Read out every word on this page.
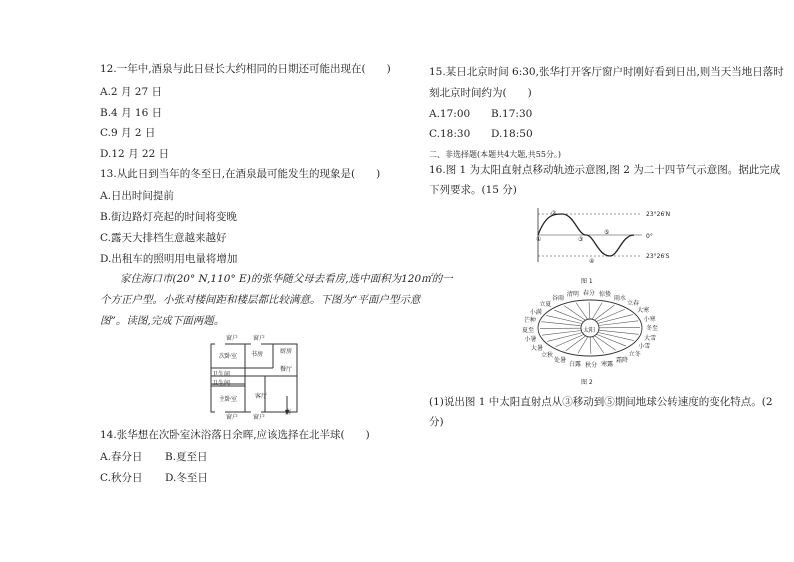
12.一年中,酒泉与此日昼长大约相同的日期还可能出现在(　　)
A.2 月 27 日
B.4 月 16 日
C.9 月 2 日
D.12 月 22 日
13.从此日到当年的冬至日,在酒泉最可能发生的现象是(　　)
A.日出时间提前
B.街边路灯亮起的时间将变晚
C.露天大排档生意越来越好
D.出租车的照明用电量将增加
家住海口市(20° N,110° E)的张华随父母去看房,选中面积为120㎡的一
个方正户型。小张对楼间距和楼层都比较满意。下图为“平面户型示意
图”。读图,完成下面两题。
窗户 窗户
次卧室 书房	厨房
卫生间
卫生间
餐厅
主卧室	客厅
窗户 窗户
南
14.张华想在次卧室沐浴落日余晖,应该选择在北半球(　　)
A.春分日 B.夏至日
C.秋分日 D.冬至日
15.某日北京时间 6:30,张华打开客厅窗户时刚好看到日出,则当天当地日落时
刻北京时间约为(　　)
A.17:00 B.17:30
C.18:30 D.18:50
二、非选择题(本题共4大题,共55分。)
16.图 1 为太阳直射点移动轨迹示意图,图 2 为二十四节气示意图。据此完成
下列要求。(15 分)
①
②
③
④
⑤
23°26′N
0°
23°26′S
图 1
太阳
图 2
清明
谷雨
立夏
小满
芒种
夏至
小暑
大暑
立秋
处暑 白露 秋分 寒露
霜降
立冬
小雪
大雪
冬至
小寒
大寒
立春
雨水
惊蛰
春分
(1)说出图 1 中太阳直射点从③移动到⑤期间地球公转速度的变化特点。(2
分)
